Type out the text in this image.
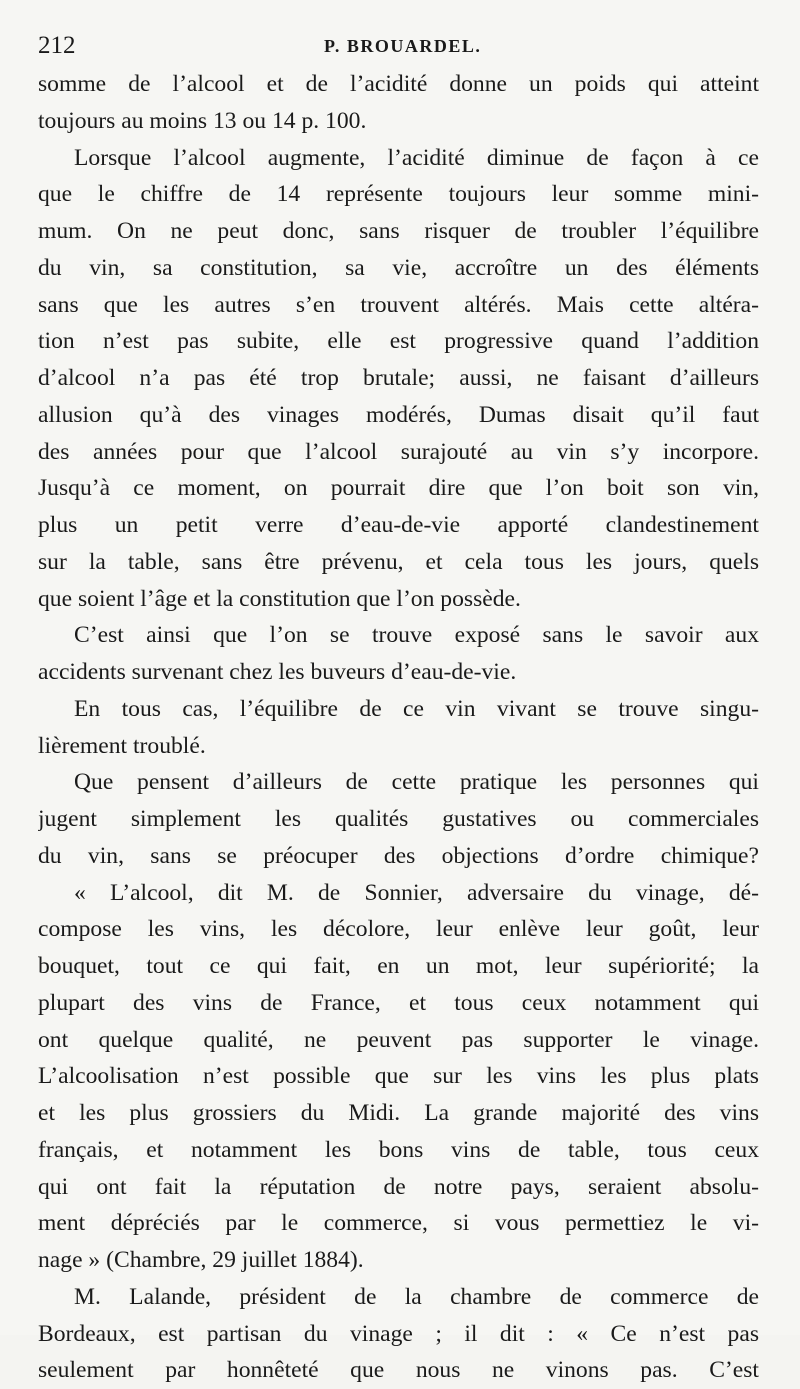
212	P. BROUARDEL.
somme de l’alcool et de l’acidité donne un poids qui atteint
toujours au moins 13 ou 14 p. 100.
Lorsque l’alcool augmente, l’acidité diminue de façon à ce
que le chiffre de 14 représente toujours leur somme mini-
mum. On ne peut donc, sans risquer de troubler l’équilibre
du vin, sa constitution, sa vie, accroître un des éléments
sans que les autres s’en trouvent altérés. Mais cette altéra-
tion n’est pas subite, elle est progressive quand l’addition
d’alcool n’a pas été trop brutale; aussi, ne faisant d’ailleurs
allusion qu’à des vinages modérés, Dumas disait qu’il faut
des années pour que l’alcool surajouté au vin s’y incorpore.
Jusqu’à ce moment, on pourrait dire que l’on boit son vin,
plus un petit verre d’eau-de-vie apporté clandestinement
sur la table, sans être prévenu, et cela tous les jours, quels
que soient l’âge et la constitution que l’on possède.
C’est ainsi que l’on se trouve exposé sans le savoir aux
accidents survenant chez les buveurs d’eau-de-vie.
En tous cas, l’équilibre de ce vin vivant se trouve singu-
lièrement troublé.
Que pensent d’ailleurs de cette pratique les personnes qui
jugent simplement les qualités gustatives ou commerciales
du vin, sans se préocuper des objections d’ordre chimique?
« L’alcool, dit M. de Sonnier, adversaire du vinage, dé-
compose les vins, les décolore, leur enlève leur goût, leur
bouquet, tout ce qui fait, en un mot, leur supériorité; la
plupart des vins de France, et tous ceux notamment qui
ont quelque qualité, ne peuvent pas supporter le vinage.
L’alcoolisation n’est possible que sur les vins les plus plats
et les plus grossiers du Midi. La grande majorité des vins
français, et notamment les bons vins de table, tous ceux
qui ont fait la réputation de notre pays, seraient absolu-
ment dépréciés par le commerce, si vous permettiez le vi-
nage » (Chambre, 29 juillet 1884).
M. Lalande, président de la chambre de commerce de
Bordeaux, est partisan du vinage ; il dit : « Ce n’est pas
seulement par honnêteté que nous ne vinons pas. C’est
